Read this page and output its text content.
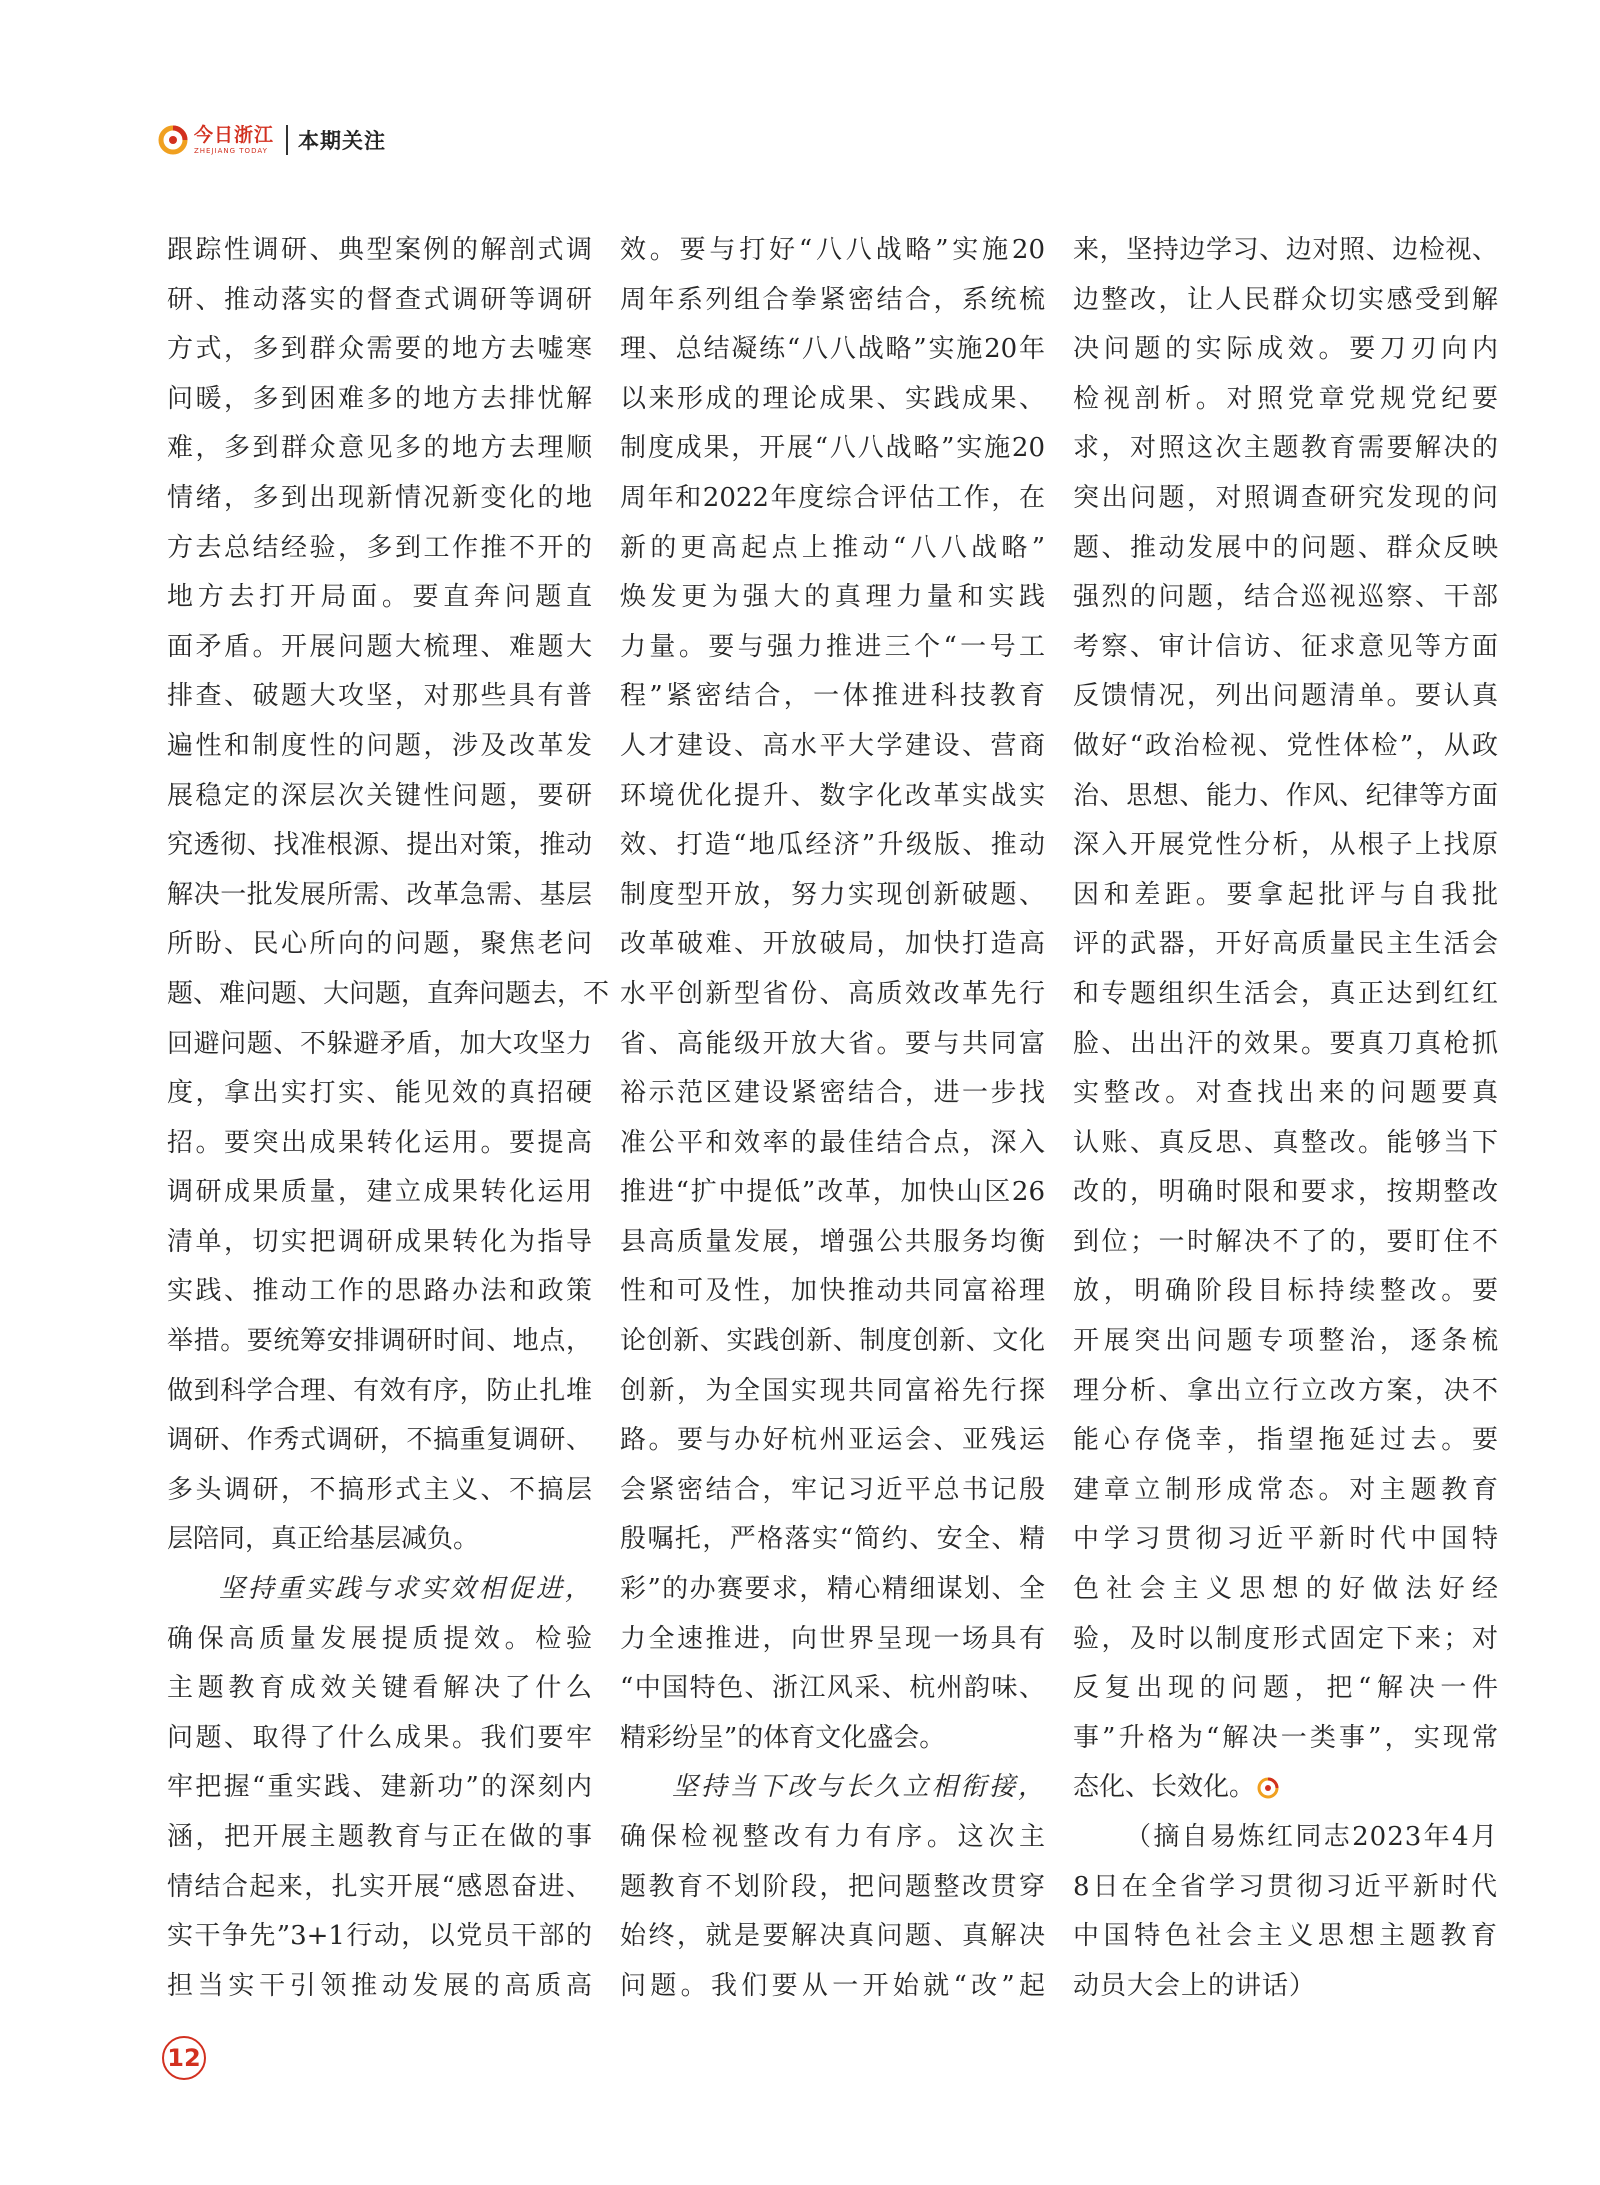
今日浙江
ZHEJIANG TODAY 本期关注
跟踪性调研、典型案例的解剖式调
研、推动落实的督查式调研等调研
方式，多到群众需要的地方去嘘寒
问暖，多到困难多的地方去排忧解
难，多到群众意见多的地方去理顺
情绪，多到出现新情况新变化的地
方去总结经验，多到工作推不开的
地方去打开局面。要直奔问题直
面矛盾。开展问题大梳理、难题大
排查、破题大攻坚，对那些具有普
遍性和制度性的问题，涉及改革发
展稳定的深层次关键性问题，要研
究透彻、找准根源、提出对策，推动
解决一批发展所需、改革急需、基层
所盼、民心所向的问题，聚焦老问
题、难问题、大问题，直奔问题去，不
回避问题、不躲避矛盾，加大攻坚力
度，拿出实打实、能见效的真招硬
招。要突出成果转化运用。要提高
调研成果质量，建立成果转化运用
清单，切实把调研成果转化为指导
实践、推动工作的思路办法和政策
举措。要统筹安排调研时间、地点，
做到科学合理、有效有序，防止扎堆
调研、作秀式调研，不搞重复调研、
多头调研，不搞形式主义、不搞层
层陪同，真正给基层减负。
坚持重实践与求实效相促进，
确保高质量发展提质提效。检验
主题教育成效关键看解决了什么
问题、取得了什么成果。我们要牢
牢把握“重实践、建新功”的深刻内
涵，把开展主题教育与正在做的事
情结合起来，扎实开展“感恩奋进、
实干争先”3+1行动，以党员干部的
担当实干引领推动发展的高质高
效。要与打好“八八战略”实施20
周年系列组合拳紧密结合，系统梳
理、总结凝练“八八战略”实施20年
以来形成的理论成果、实践成果、
制度成果，开展“八八战略”实施20
周年和2022年度综合评估工作，在
新的更高起点上推动“八八战略”
焕发更为强大的真理力量和实践
力量。要与强力推进三个“一号工
程”紧密结合，一体推进科技教育
人才建设、高水平大学建设、营商
环境优化提升、数字化改革实战实
效、打造“地瓜经济”升级版、推动
制度型开放，努力实现创新破题、
改革破难、开放破局，加快打造高
水平创新型省份、高质效改革先行
省、高能级开放大省。要与共同富
裕示范区建设紧密结合，进一步找
准公平和效率的最佳结合点，深入
推进“扩中提低”改革，加快山区26
县高质量发展，增强公共服务均衡
性和可及性，加快推动共同富裕理
论创新、实践创新、制度创新、文化
创新，为全国实现共同富裕先行探
路。要与办好杭州亚运会、亚残运
会紧密结合，牢记习近平总书记殷
殷嘱托，严格落实“简约、安全、精
彩”的办赛要求，精心精细谋划、全
力全速推进，向世界呈现一场具有
“中国特色、浙江风采、杭州韵味、
精彩纷呈”的体育文化盛会。
坚持当下改与长久立相衔接，
确保检视整改有力有序。这次主
题教育不划阶段，把问题整改贯穿
始终，就是要解决真问题、真解决
问题。我们要从一开始就“改”起
来，坚持边学习、边对照、边检视、
边整改，让人民群众切实感受到解
决问题的实际成效。要刀刃向内
检视剖析。对照党章党规党纪要
求，对照这次主题教育需要解决的
突出问题，对照调查研究发现的问
题、推动发展中的问题、群众反映
强烈的问题，结合巡视巡察、干部
考察、审计信访、征求意见等方面
反馈情况，列出问题清单。要认真
做好“政治检视、党性体检”，从政
治、思想、能力、作风、纪律等方面
深入开展党性分析，从根子上找原
因和差距。要拿起批评与自我批
评的武器，开好高质量民主生活会
和专题组织生活会，真正达到红红
脸、出出汗的效果。要真刀真枪抓
实整改。对查找出来的问题要真
认账、真反思、真整改。能够当下
改的，明确时限和要求，按期整改
到位；一时解决不了的，要盯住不
放，明确阶段目标持续整改。要
开展突出问题专项整治，逐条梳
理分析、拿出立行立改方案，决不
能心存侥幸，指望拖延过去。要
建章立制形成常态。对主题教育
中学习贯彻习近平新时代中国特
色社会主义思想的好做法好经
验，及时以制度形式固定下来；对
反复出现的问题，把“解决一件
事”升格为“解决一类事”，实现常
态化、长效化。
（摘自易炼红同志2023年4月
8日在全省学习贯彻习近平新时代
中国特色社会主义思想主题教育
动员大会上的讲话）
12
